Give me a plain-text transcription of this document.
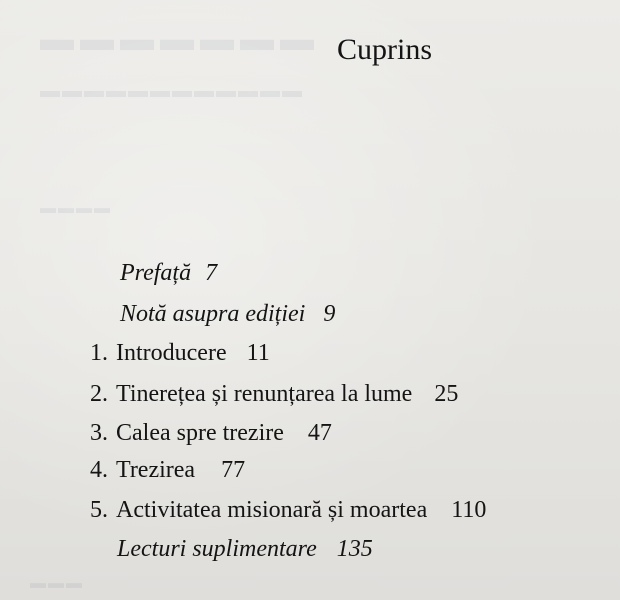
▬▬▬▬▬▬▬
▬▬▬▬▬▬▬▬▬▬▬▬
▬▬▬▬
▬▬▬
Cuprins
Prefață 7
Notă asupra ediției 9
1. Introducere 11
2. Tinerețea și renunțarea la lume 25
3. Calea spre trezire 47
4. Trezirea 77
5. Activitatea misionară și moartea 110
Lecturi suplimentare 135
